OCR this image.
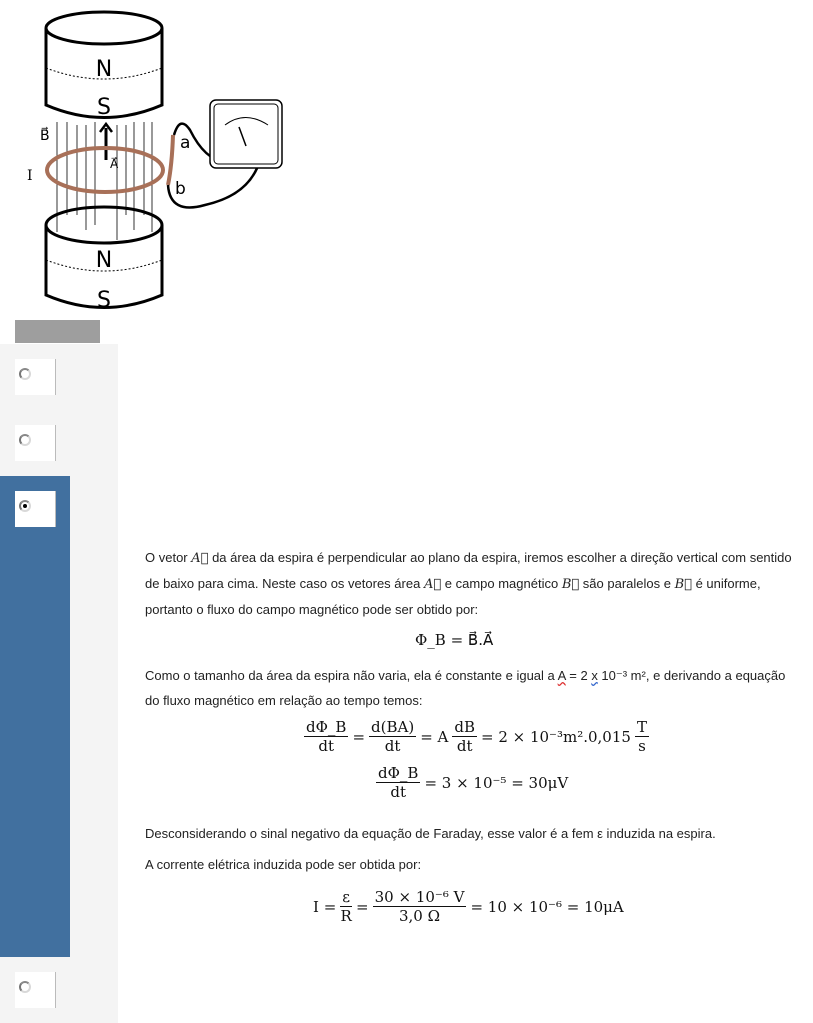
N
S
N
S
B⃗
A⃗
I
a
b
O vetor A⃗ da área da espira é perpendicular ao plano da espira, iremos escolher a direção vertical com sentido de baixo para cima. Neste caso os vetores área A⃗ e campo magnético B⃗ são paralelos e B⃗ é uniforme, portanto o fluxo do campo magnético pode ser obtido por:
Φ_B = B⃗.A⃗
Como o tamanho da área da espira não varia, ela é constante e igual a A = 2 x 10⁻³ m², e derivando a equação do fluxo magnético em relação ao tempo temos:
$\frac{d\Phi\_B}{dt} = \frac{d(BA)}{dt} = A \frac{dB}{dt} = 2 \times 10^{-3}m^2.0,015 \frac{T}{s}$
$\frac{d\Phi\_B}{dt} = 3 \times 10^{-5} = 30\mu V$
Desconsiderando o sinal negativo da equação de Faraday, esse valor é a fem ε induzida na espira.
A corrente elétrica induzida pode ser obtida por:
$I = \frac{\varepsilon}{R} = \frac{\text{30 × 10⁻⁶ V}}{3,0 \Omega} = 10 \times 10^{-6} = 10\mu A$
